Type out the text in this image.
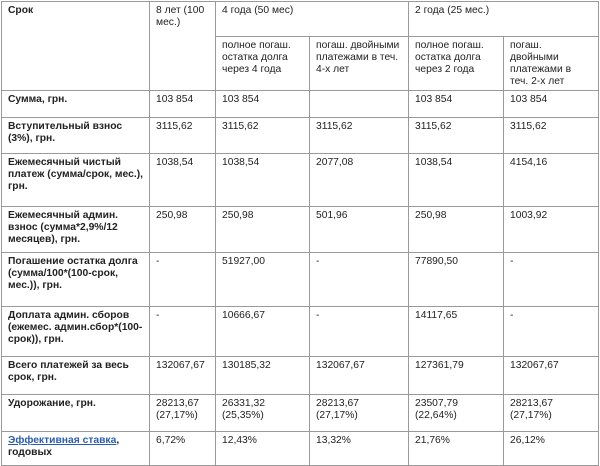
Срок	8 лет (100 мес.)	4 года (50 мес)		2 года (25 мес.)	
		полное погаш. остатка долга через 4 года	погаш. двойными платежами в теч. 4-х лет	полное погаш. остатка долга через 2 года	погаш. двойными платежами в теч. 2-х лет
Сумма, грн.	103 854	103 854		103 854	103 854
Вступительный взнос (3%), грн.	3115,62	3115,62	3115,62	3115,62	3115,62
Ежемесячный чистый платеж (сумма/срок, мес.), грн.	1038,54	1038,54	2077,08	1038,54	4154,16
Ежемесячный админ. взнос (сумма*2,9%/12 месяцев), грн.	250,98	250,98	501,96	250,98	1003,92
Погашение остатка долга (сумма/100*(100-срок, мес.)), грн.	-	51927,00	-	77890,50	-
Доплата админ. сборов (ежемес. админ.сбор*(100-срок)), грн.	-	10666,67	-	14117,65	-
Всего платежей за весь срок, грн.	132067,67	130185,32	132067,67	127361,79	132067,67
Удорожание, грн.	28213,67 (27,17%)	26331,32 (25,35%)	28213,67 (27,17%)	23507,79 (22,64%)	28213,67 (27,17%)
Эффективная ставка, годовых	6,72%	12,43%	13,32%	21,76%	26,12%
